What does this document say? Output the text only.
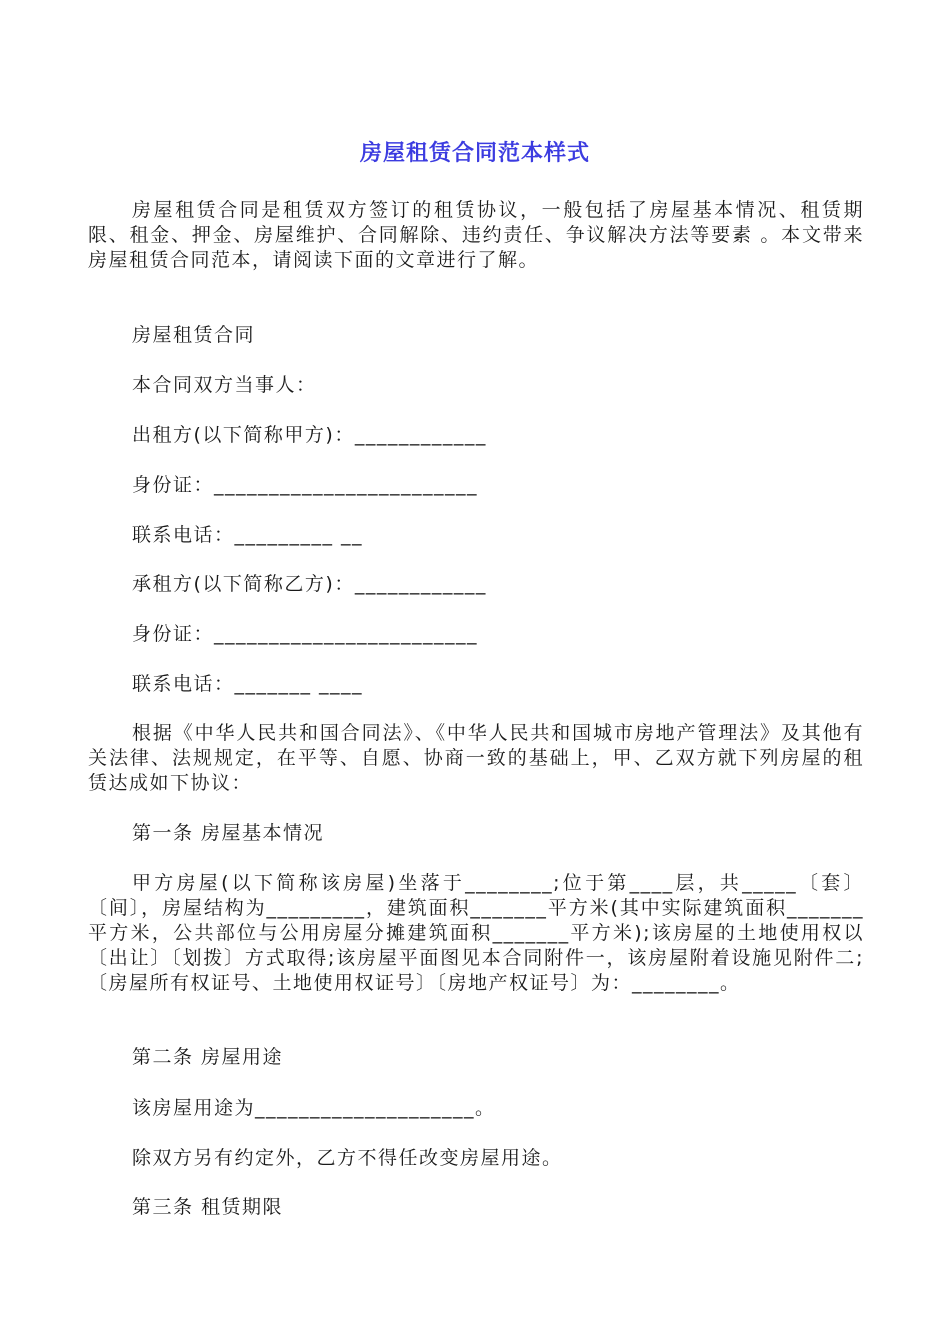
房屋租赁合同范本样式
房屋租赁合同是租赁双方签订的租赁协议，一般包括了房屋基本情况、租赁期限、租金、押金、房屋维护、合同解除、违约责任、争议解决方法等要素 。本文带来房屋租赁合同范本，请阅读下面的文章进行了解。
房屋租赁合同
本合同双方当事人：
出租方(以下简称甲方)：____________
身份证：________________________
联系电话：_________ __
承租方(以下简称乙方)：____________
身份证：________________________
联系电话：_______ ____
根据《中华人民共和国合同法》、《中华人民共和国城市房地产管理法》及其他有关法律、法规规定，在平等、自愿、协商一致的基础上，甲、乙双方就下列房屋的租赁达成如下协议：
第一条 房屋基本情况
甲方房屋(以下简称该房屋)坐落于________;位于第____层，共_____〔套〕〔间〕，房屋结构为_________，建筑面积_______平方米(其中实际建筑面积_______平方米，公共部位与公用房屋分摊建筑面积_______平方米);该房屋的土地使用权以〔出让〕〔划拨〕方式取得;该房屋平面图见本合同附件一，该房屋附着设施见附件二;〔房屋所有权证号、土地使用权证号〕〔房地产权证号〕为：________。
第二条 房屋用途
该房屋用途为____________________。
除双方另有约定外，乙方不得任改变房屋用途。
第三条 租赁期限
